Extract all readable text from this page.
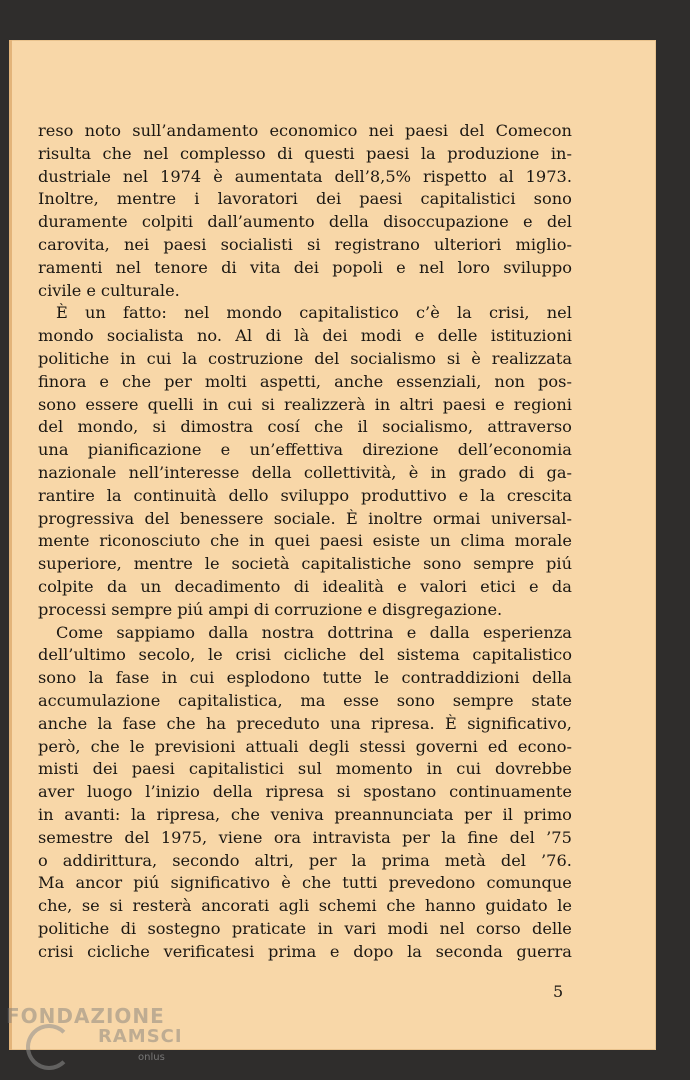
reso noto sull’andamento economico nei paesi del Comecon
risulta che nel complesso di questi paesi la produzione in-
dustriale nel 1974 è aumentata dell’8,5% rispetto al 1973.
Inoltre, mentre i lavoratori dei paesi capitalistici sono
duramente colpiti dall’aumento della disoccupazione e del
carovita, nei paesi socialisti si registrano ulteriori miglio-
ramenti nel tenore di vita dei popoli e nel loro sviluppo
civile e culturale.
È un fatto: nel mondo capitalistico c’è la crisi, nel
mondo socialista no. Al di là dei modi e delle istituzioni
politiche in cui la costruzione del socialismo si è realizzata
finora e che per molti aspetti, anche essenziali, non pos-
sono essere quelli in cui si realizzerà in altri paesi e regioni
del mondo, si dimostra cosí che il socialismo, attraverso
una pianificazione e un’effettiva direzione dell’economia
nazionale nell’interesse della collettività, è in grado di ga-
rantire la continuità dello sviluppo produttivo e la crescita
progressiva del benessere sociale. È inoltre ormai universal-
mente riconosciuto che in quei paesi esiste un clima morale
superiore, mentre le società capitalistiche sono sempre piú
colpite da un decadimento di idealità e valori etici e da
processi sempre piú ampi di corruzione e disgregazione.
Come sappiamo dalla nostra dottrina e dalla esperienza
dell’ultimo secolo, le crisi cicliche del sistema capitalistico
sono la fase in cui esplodono tutte le contraddizioni della
accumulazione capitalistica, ma esse sono sempre state
anche la fase che ha preceduto una ripresa. È significativo,
però, che le previsioni attuali degli stessi governi ed econo-
misti dei paesi capitalistici sul momento in cui dovrebbe
aver luogo l’inizio della ripresa si spostano continuamente
in avanti: la ripresa, che veniva preannunciata per il primo
semestre del 1975, viene ora intravista per la fine del ’75
o addirittura, secondo altri, per la prima metà del ’76.
Ma ancor piú significativo è che tutti prevedono comunque
che, se si resterà ancorati agli schemi che hanno guidato le
politiche di sostegno praticate in vari modi nel corso delle
crisi cicliche verificatesi prima e dopo la seconda guerra
5
FONDAZIONE
RAMSCI
onlus
